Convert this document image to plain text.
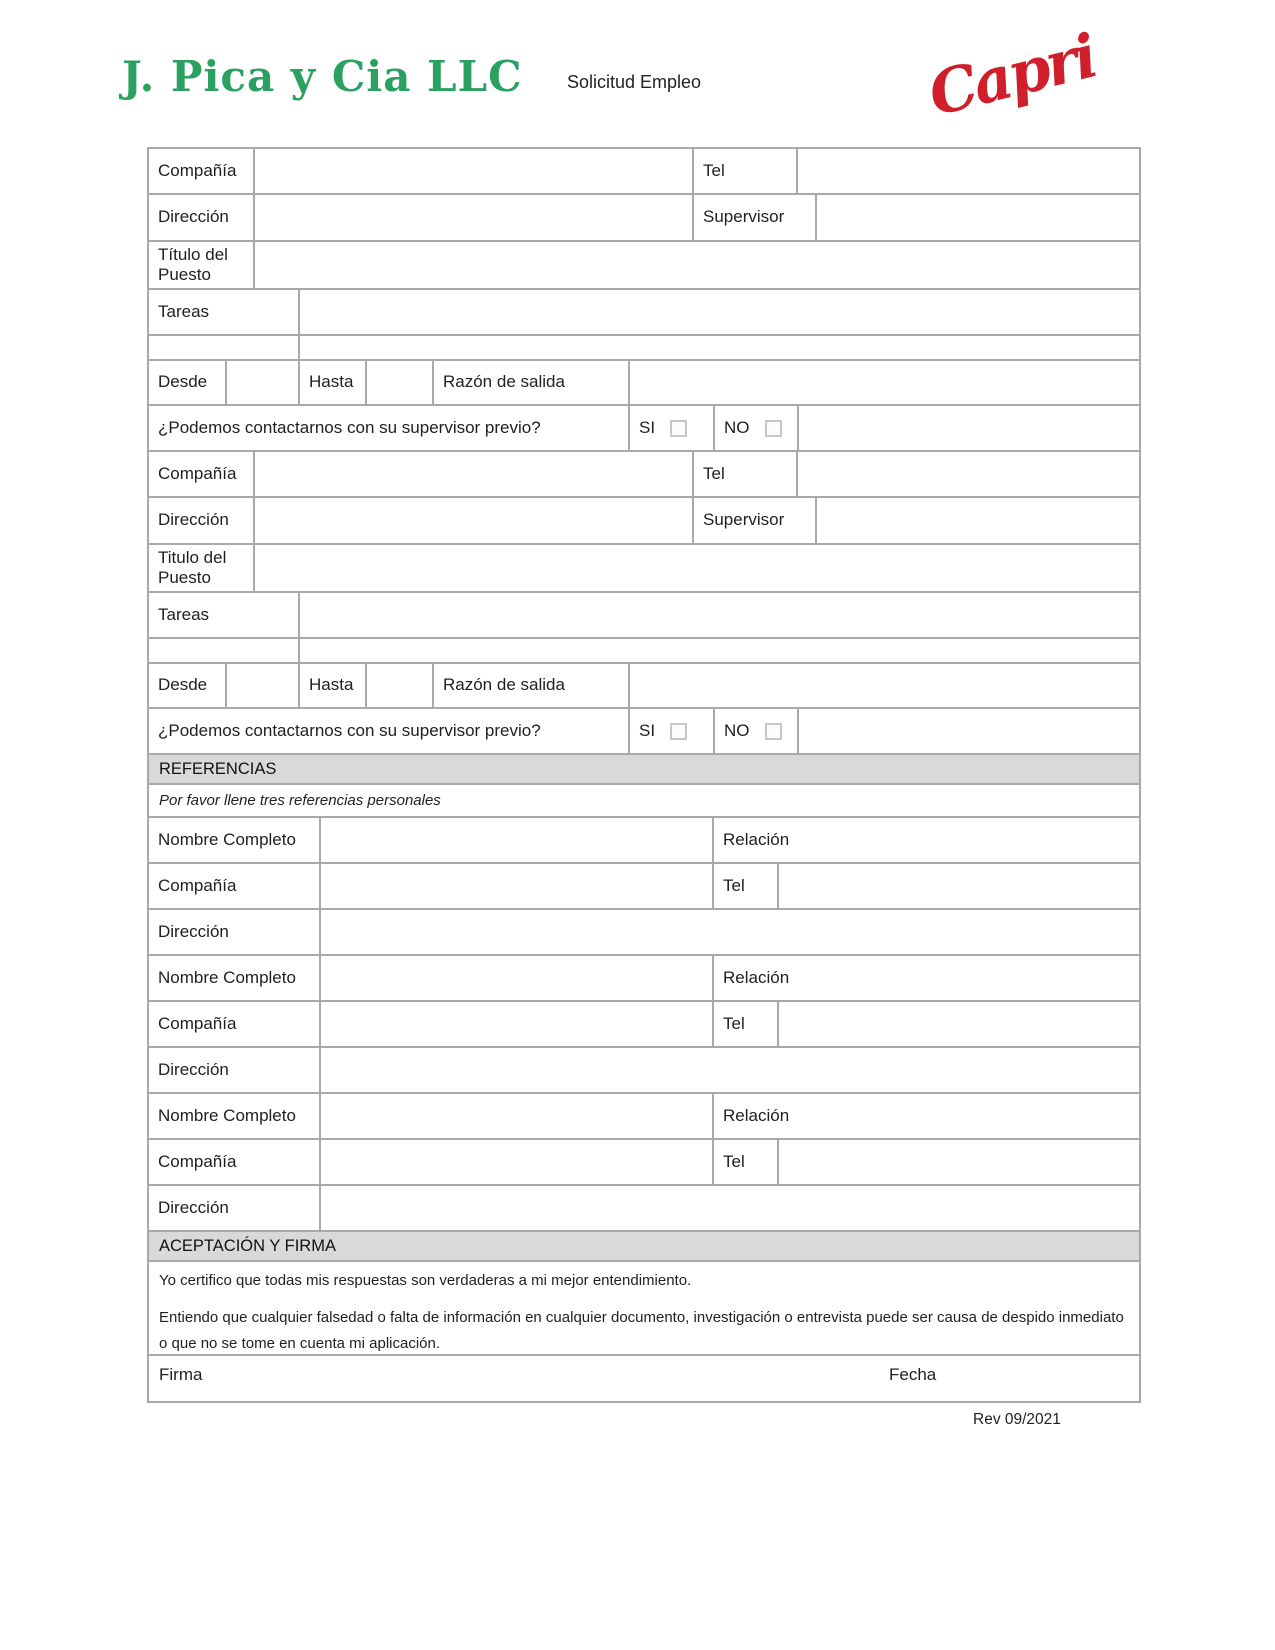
J. Pica y Cia LLC Solicitud Empleo	Capri
Compañía	Tel
Dirección	Supervisor
Título del Puesto
Tareas
Desde	Hasta	Razón de salida
¿Podemos contactarnos con su supervisor previo?	SI	NO
Compañía	Tel
Dirección	Supervisor
Titulo del Puesto
Tareas
Desde	Hasta	Razón de salida
¿Podemos contactarnos con su supervisor previo?	SI	NO
REFERENCIAS
Por favor llene tres referencias personales
Nombre Completo	Relación
Compañía	Tel
Dirección
Nombre Completo	Relación
Compañía	Tel
Dirección
Nombre Completo	Relación
Compañía	Tel
Dirección
ACEPTACIÓN Y FIRMA

Yo certifico que todas mis respuestas son verdaderas a mi mejor entendimiento.

Entiendo que cualquier falsedad o falta de información en cualquier documento, investigación o entrevista puede ser causa de despido inmediato o que no se tome en cuenta mi aplicación.

Firma	Fecha
Rev 09/2021
